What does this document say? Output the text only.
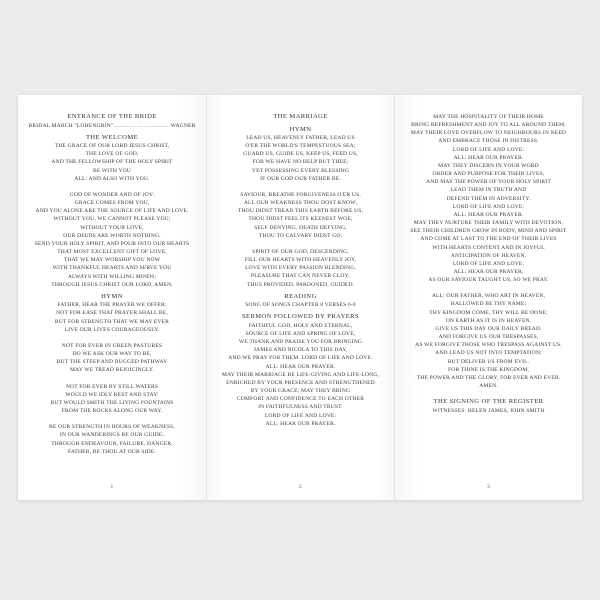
ENTRANCE OF THE BRIDE
BRIDAL MARCH "LOHENGRIN"…………………………WAGNER
THE WELCOME
THE GRACE OF OUR LORD JESUS CHRIST,
THE LOVE OF GOD,
AND THE FELLOWSHIP OF THE HOLY SPIRIT
BE WITH YOU
ALL: AND ALSO WITH YOU.
GOD OF WONDER AND OF JOY:
GRACE COMES FROM YOU,
AND YOU ALONE ARE THE SOURCE OF LIFE AND LOVE.
WITHOUT YOU, WE CANNOT PLEASE YOU;
WITHOUT YOUR LOVE,
OUR DEEDS ARE WORTH NOTHING.
SEND YOUR HOLY SPIRIT, AND POUR INTO OUR HEARTS
THAT MOST EXCELLENT GIFT OF LOVE,
THAT WE MAY WORSHIP YOU NOW
WITH THANKFUL HEARTS AND SERVE YOU
ALWAYS WITH WILLING MINDS;
THROUGH JESUS CHRIST OUR LORD, AMEN.
HYMN
FATHER, HEAR THE PRAYER WE OFFER:
NOT FOR EASE THAT PRAYER SHALL BE,
BUT FOR STRENGTH THAT WE MAY EVER
LIVE OUR LIVES COURAGEOUSLY.
NOT FOR EVER IN GREEN PASTURES
DO WE ASK OUR WAY TO BE,
BUT THE STEEP AND RUGGED PATHWAY
MAY WE TREAD REJOICINGLY.
NOT FOR EVER BY STILL WATERS
WOULD WE IDLY REST AND STAY;
BUT WOULD SMITH THE LIVING FOUNTAINS
FROM THE ROCKS ALONG OUR WAY.
BE OUR STRENGTH IN HOURS OF WEAKNESS,
IN OUR WANDERINGS BE OUR GUIDE;
THROUGH ENDEAVOUR, FAILURE, DANGER,
FATHER, BE THOU AT OUR SIDE.
1
THE MARRIAGE
HYMN
LEAD US, HEAVENLY FATHER, LEAD US
O'ER THE WORLD'S TEMPESTUOUS SEA;
GUARD US, GUIDE US, KEEP US, FEED US,
FOR WE HAVE NO HELP BUT THEE;
YET POSSESSING EVERY BLESSING
IF OUR GOD OUR FATHER BE.
SAVIOUR, BREATHE FORGIVENESS O'ER US,
ALL OUR WEAKNESS THOU DOST KNOW;
THOU DIDST TREAD THIS EARTH BEFORE US,
THOU DIDST FEEL ITS KEENEST WOE;
SELF DENYING, DEATH DEFYING,
THOU TO CALVARY DIDST GO.
SPIRIT OF OUR GOD, DESCENDING,
FILL OUR HEARTS WITH HEAVENLY JOY,
LOVE WITH EVERY PASSION BLENDING,
PLEASURE THAT CAN NEVER CLOY;
THUS PROVIDED, PARDONED, GUIDED.
READING
SONG OF SONGS CHAPTER 8 VERSES 6-8
SERMON FOLLOWED BY PRAYERS
FAITHFUL GOD, HOLY AND ETERNAL,
SOURCE OF LIFE AND SPRING OF LOVE,
WE THANK AND PRAISE YOU FOR BRINGING
JAMES AND NICOLA TO THIS DAY,
AND WE PRAY FOR THEM. LORD OF LIFE AND LOVE:
ALL: HEAR OUR PRAYER.
MAY THEIR MARRIAGE BE LIFE-GIVING AND LIFE-LONG,
ENRICHED BY YOUR PRESENCE AND STRENGTHENED
BY YOUR GRACE; MAY THEY BRING
COMFORT AND CONFIDENCE TO EACH OTHER
IN FAITHFULNESS AND TRUST.
LORD OF LIFE AND LOVE:
ALL: HEAR OUR PRAYER.
2
MAY THE HOSPITALITY OF THEIR HOME
BRING REFRESHMENT AND JOY TO ALL AROUND THEM;
MAY THEIR LOVE OVERFLOW TO NEIGHBOURS IN NEED
AND EMBRACE THOSE IN DISTRESS.
LORD OF LIFE AND LOVE:
ALL: HEAR OUR PRAYER.
MAY THEY DISCERN IN YOUR WORD
ORDER AND PURPOSE FOR THEIR LIVES;
AND MAY THE POWER OF YOUR HOLY SPIRIT
LEAD THEM IN TRUTH AND
DEFEND THEM IN ADVERSITY.
LORD OF LIFE AND LOVE:
ALL: HEAR OUR PRAYER.
MAY THEY NURTURE THEIR FAMILY WITH DEVOTION,
SEE THEIR CHILDREN GROW IN BODY, MIND AND SPIRIT
AND COME AT LAST TO THE END OF THEIR LIVES
WITH HEARTS CONTENT AND IN JOYFUL
ANTICIPATION OF HEAVEN.
LORD OF LIFE AND LOVE:
ALL: HEAR OUR PRAYER,
AS OUR SAVIOUR TAUGHT US, SO WE PRAY.
ALL: OUR FATHER, WHO ART IN HEAVEN,
HALLOWED BE THY NAME;
THY KINGDOM COME, THY WILL BE DONE;
ON EARTH AS IT IS IN HEAVEN.
GIVE US THIS DAY OUR DAILY BREAD.
AND FORGIVE US OUR TRESPASSES,
AS WE FORGIVE THOSE WHO TRESPASS AGAINST US.
AND LEAD US NOT INTO TEMPTATION;
BUT DELIVER US FROM EVIL.
FOR THINE IS THE KINGDOM,
THE POWER AND THE GLORY, FOR EVER AND EVER.
AMEN.
THE SIGNING OF THE REGISTER
WITNESSES: HELEN JAMES, JOHN SMITH
3
